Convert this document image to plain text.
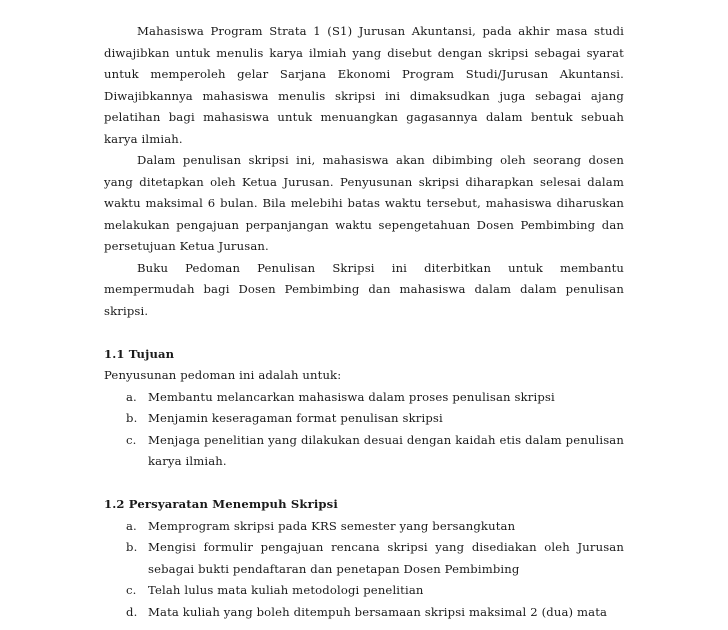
Mahasiswa Program Strata 1 (S1) Jurusan Akuntansi, pada akhir masa studi diwajibkan untuk menulis karya ilmiah yang disebut dengan skripsi sebagai syarat untuk memperoleh gelar Sarjana Ekonomi Program Studi/Jurusan Akuntansi. Diwajibkannya mahasiswa menulis skripsi ini dimaksudkan juga sebagai ajang pelatihan bagi mahasiswa untuk menuangkan gagasannya dalam bentuk sebuah karya ilmiah.

Dalam penulisan skripsi ini, mahasiswa akan dibimbing oleh seorang dosen yang ditetapkan oleh Ketua Jurusan. Penyusunan skripsi diharapkan selesai dalam waktu maksimal 6 bulan. Bila melebihi batas waktu tersebut, mahasiswa diharuskan melakukan pengajuan perpanjangan waktu sepengetahuan Dosen Pembimbing dan persetujuan Ketua Jurusan.

Buku Pedoman Penulisan Skripsi ini diterbitkan untuk membantu mempermudah bagi Dosen Pembimbing dan mahasiswa dalam dalam penulisan skripsi.

1.1 Tujuan

Penyusunan pedoman ini adalah untuk:

a. Membantu melancarkan mahasiswa dalam proses penulisan skripsi
b. Menjamin keseragaman format penulisan skripsi
c. Menjaga penelitian yang dilakukan desuai dengan kaidah etis dalam penulisan karya ilmiah.

1.2 Persyaratan Menempuh Skripsi

a. Memprogram skripsi pada KRS semester yang bersangkutan
b. Mengisi formulir pengajuan rencana skripsi yang disediakan oleh Jurusan sebagai bukti pendaftaran dan penetapan Dosen Pembimbing
c. Telah lulus mata kuliah metodologi penelitian
d. Mata kuliah yang boleh ditempuh bersamaan skripsi maksimal 2 (dua) mata
